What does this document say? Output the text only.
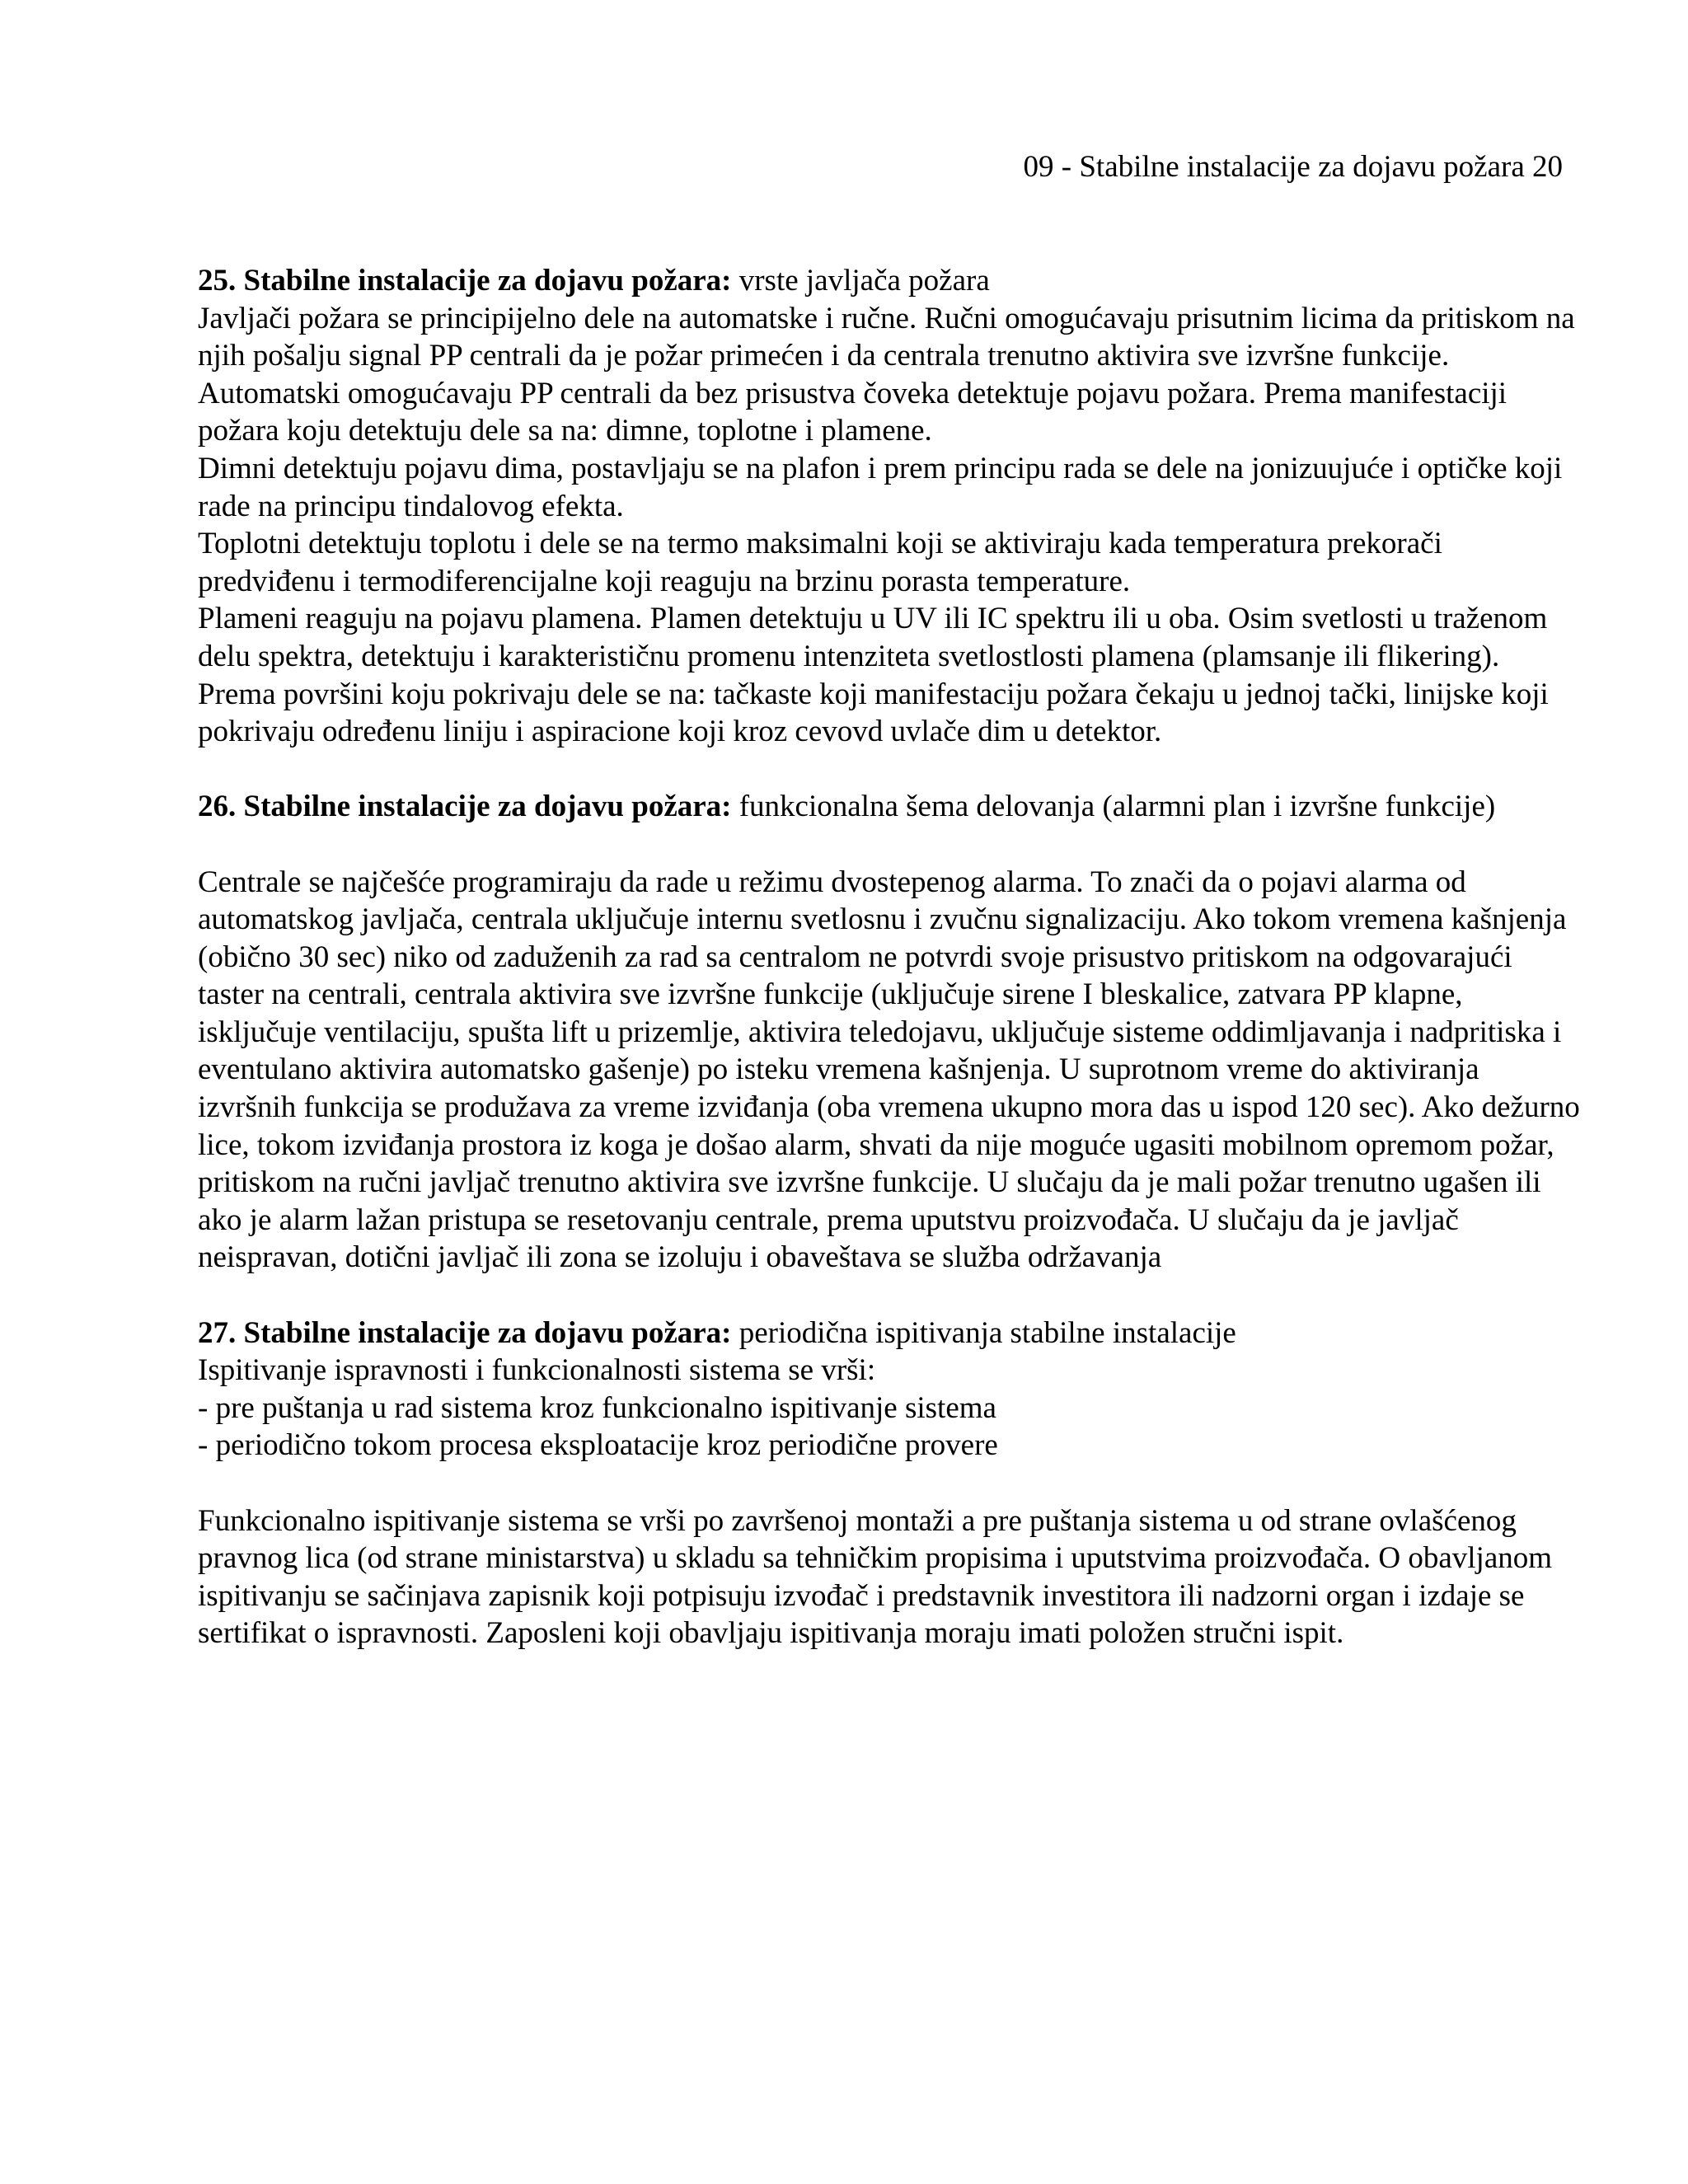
09 - Stabilne instalacije za dojavu požara 20

25. Stabilne instalacije za dojavu požara: vrste javljača požara

Javljači požara se principijelno dele na automatske i ručne. Ručni omogućavaju prisutnim licima da pritiskom na njih pošalju signal PP centrali da je požar primećen i da centrala trenutno aktivira sve izvršne funkcije.

Automatski omogućavaju PP centrali da bez prisustva čoveka detektuje pojavu požara. Prema manifestaciji požara koju detektuju dele sa na: dimne, toplotne i plamene.

Dimni detektuju pojavu dima, postavljaju se na plafon i prem principu rada se dele na jonizuujuće i optičke koji rade na principu tindalovog efekta.

Toplotni detektuju toplotu i dele se na termo maksimalni koji se aktiviraju kada temperatura prekorači predviđenu i termodiferencijalne koji reaguju na brzinu porasta temperature.

Plameni reaguju na pojavu plamena. Plamen detektuju u UV ili IC spektru ili u oba. Osim svetlosti u traženom delu spektra, detektuju i karakterističnu promenu intenziteta svetlostlosti plamena (plamsanje ili flikering).

Prema površini koju pokrivaju dele se na: tačkaste koji manifestaciju požara čekaju u jednoj tački, linijske koji pokrivaju određenu liniju i aspiracione koji kroz cevovd uvlače dim u detektor.

26. Stabilne instalacije za dojavu požara: funkcionalna šema delovanja (alarmni plan i izvršne funkcije)

Centrale se najčešće programiraju da rade u režimu dvostepenog alarma. To znači da o pojavi alarma od automatskog javljača, centrala uključuje internu svetlosnu i zvučnu signalizaciju. Ako tokom vremena kašnjenja (obično 30 sec) niko od zaduženih za rad sa centralom ne potvrdi svoje prisustvo pritiskom na odgovarajući taster na centrali, centrala aktivira sve izvršne funkcije (uključuje sirene I bleskalice, zatvara PP klapne, isključuje ventilaciju, spušta lift u prizemlje, aktivira teledojavu, uključuje sisteme oddimljavanja i nadpritiska i eventulano aktivira automatsko gašenje) po isteku vremena kašnjenja. U suprotnom vreme do aktiviranja izvršnih funkcija se produžava za vreme izviđanja (oba vremena ukupno mora das u ispod 120 sec). Ako dežurno lice, tokom izviđanja prostora iz koga je došao alarm, shvati da nije moguće ugasiti mobilnom opremom požar, pritiskom na ručni javljač trenutno aktivira sve izvršne funkcije. U slučaju da je mali požar trenutno ugašen ili ako je alarm lažan pristupa se resetovanju centrale, prema uputstvu proizvođača. U slučaju da je javljač neispravan, dotični javljač ili zona se izoluju i obaveštava se služba održavanja

27. Stabilne instalacije za dojavu požara: periodična ispitivanja stabilne instalacije

Ispitivanje ispravnosti i funkcionalnosti sistema se vrši:

- pre puštanja u rad sistema kroz funkcionalno ispitivanje sistema

- periodično tokom procesa eksploatacije kroz periodične provere

Funkcionalno ispitivanje sistema se vrši po završenoj montaži a pre puštanja sistema u od strane ovlašćenog pravnog lica (od strane ministarstva) u skladu sa tehničkim propisima i uputstvima proizvođača. O obavljanom ispitivanju se sačinjava zapisnik koji potpisuju izvođač i predstavnik investitora ili nadzorni organ i izdaje se sertifikat o ispravnosti. Zaposleni koji obavljaju ispitivanja moraju imati položen stručni ispit.
